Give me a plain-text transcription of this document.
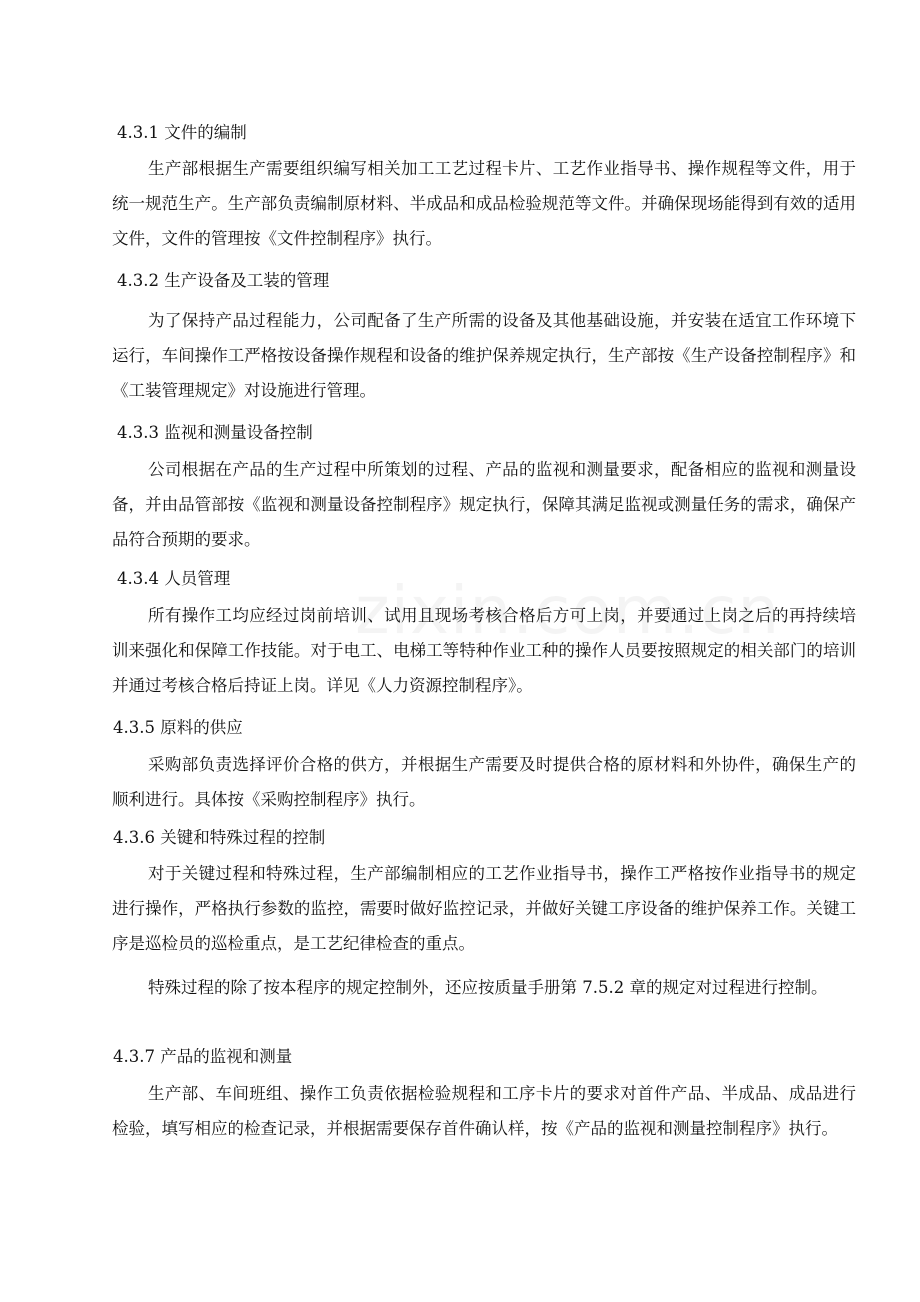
4.3.1 文件的编制

生产部根据生产需要组织编写相关加工工艺过程卡片、工艺作业指导书、操作规程等文件，用于统一规范生产。生产部负责编制原材料、半成品和成品检验规范等文件。并确保现场能得到有效的适用文件，文件的管理按《文件控制程序》执行。

4.3.2 生产设备及工装的管理

为了保持产品过程能力，公司配备了生产所需的设备及其他基础设施，并安装在适宜工作环境下运行，车间操作工严格按设备操作规程和设备的维护保养规定执行，生产部按《生产设备控制程序》和《工装管理规定》对设施进行管理。

4.3.3 监视和测量设备控制

公司根据在产品的生产过程中所策划的过程、产品的监视和测量要求，配备相应的监视和测量设备，并由品管部按《监视和测量设备控制程序》规定执行，保障其满足监视或测量任务的需求，确保产品符合预期的要求。

4.3.4 人员管理

所有操作工均应经过岗前培训、试用且现场考核合格后方可上岗，并要通过上岗之后的再持续培训来强化和保障工作技能。对于电工、电梯工等特种作业工种的操作人员要按照规定的相关部门的培训并通过考核合格后持证上岗。详见《人力资源控制程序》。

4.3.5 原料的供应

采购部负责选择评价合格的供方，并根据生产需要及时提供合格的原材料和外协件，确保生产的顺利进行。具体按《采购控制程序》执行。

4.3.6 关键和特殊过程的控制

对于关键过程和特殊过程，生产部编制相应的工艺作业指导书，操作工严格按作业指导书的规定进行操作，严格执行参数的监控，需要时做好监控记录，并做好关键工序设备的维护保养工作。关键工序是巡检员的巡检重点，是工艺纪律检查的重点。

特殊过程的除了按本程序的规定控制外，还应按质量手册第 7.5.2 章的规定对过程进行控制。

4.3.7 产品的监视和测量

生产部、车间班组、操作工负责依据检验规程和工序卡片的要求对首件产品、半成品、成品进行检验，填写相应的检查记录，并根据需要保存首件确认样，按《产品的监视和测量控制程序》执行。
